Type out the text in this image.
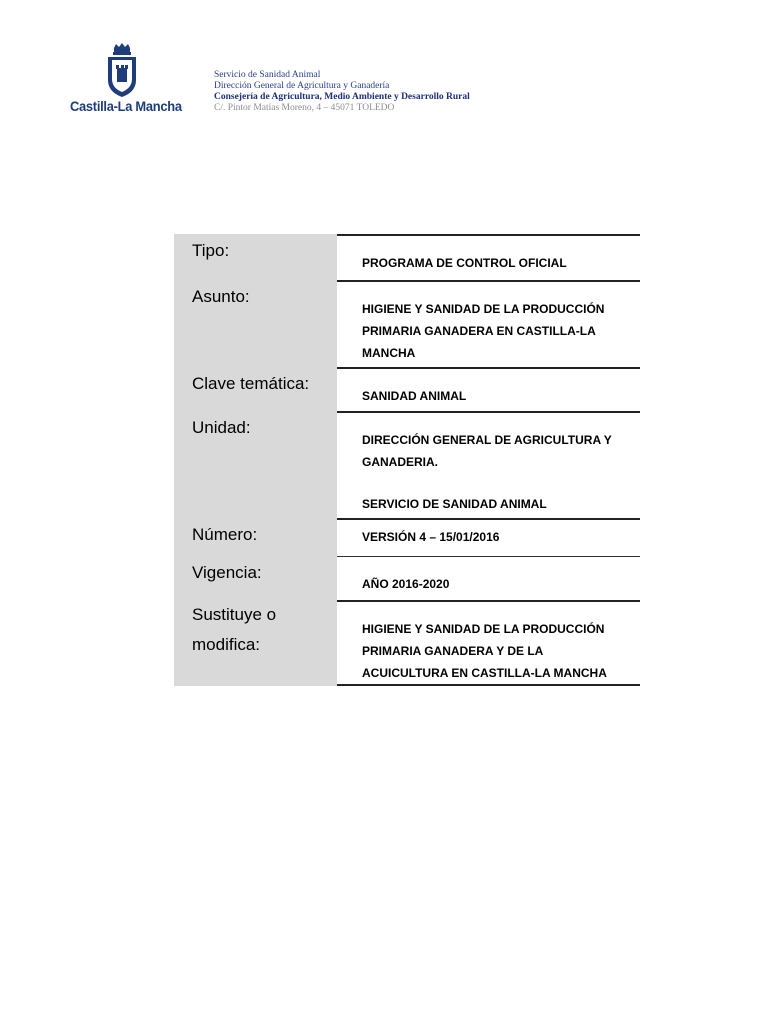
Castilla-La Mancha
Servicio de Sanidad Animal
Dirección General de Agricultura y Ganadería
Consejería de Agricultura, Medio Ambiente y Desarrollo Rural
C/. Pintor Matías Moreno, 4 – 45071 TOLEDO
Tipo:
PROGRAMA DE CONTROL OFICIAL
Asunto:
HIGIENE Y SANIDAD DE LA PRODUCCIÓN
PRIMARIA GANADERA EN CASTILLA-LA
MANCHA
Clave temática:
SANIDAD ANIMAL
Unidad:
DIRECCIÓN GENERAL DE AGRICULTURA Y
GANADERIA.
SERVICIO DE SANIDAD ANIMAL
Número:	VERSIÓN 4 – 15/01/2016
Vigencia:
AÑO 2016-2020
Sustituye o
modifica:
HIGIENE Y SANIDAD DE LA PRODUCCIÓN
PRIMARIA GANADERA Y DE LA
ACUICULTURA EN CASTILLA-LA MANCHA
